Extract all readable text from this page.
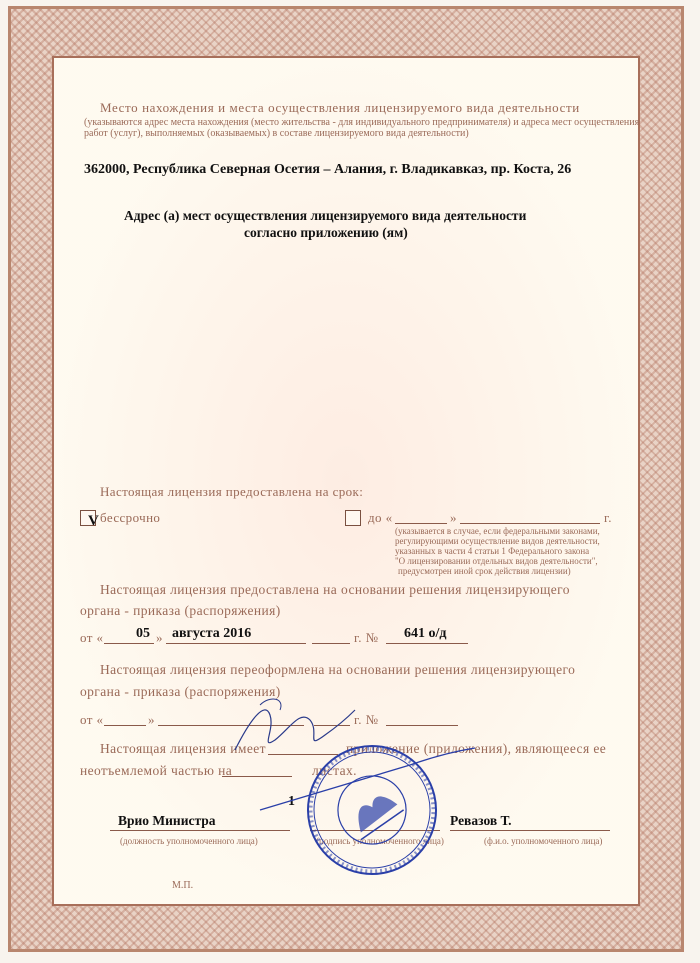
Место нахождения и места осуществления лицензируемого вида деятельности
(указываются адрес места нахождения (место жительства - для индивидуального предпринимателя) и адреса мест осуществления
работ (услуг), выполняемых (оказываемых) в составе лицензируемого вида деятельности)
362000, Республика Северная Осетия – Алания, г. Владикавказ, пр. Коста, 26
Адрес (а) мест осуществления лицензируемого вида деятельности
согласно приложению (ям)
Настоящая лицензия предоставлена на срок:
V бессрочно	до «	»	г.
(указывается в случае, если федеральными законами,
регулирующими осуществление видов деятельности,
указанных в части 4 статьи 1 Федерального закона
"О лицензировании отдельных видов деятельности",
предусмотрен иной срок действия лицензии)
Настоящая лицензия предоставлена на основании решения лицензирующего
органа - приказа (распоряжения)
от « 05 » августа 2016	г. № 641 о/д
Настоящая лицензия переоформлена на основании решения лицензирующего
органа - приказа (распоряжения)
от «	»	г. №
Настоящая лицензия имеет	приложение (приложения), являющееся ее
неотъемлемой частью на	листах.
1
Врио Министра	Ревазов Т.
(должность уполномоченного лица)	(подпись уполномоченного лица)	(ф.и.о. уполномоченного лица)
М.П.
